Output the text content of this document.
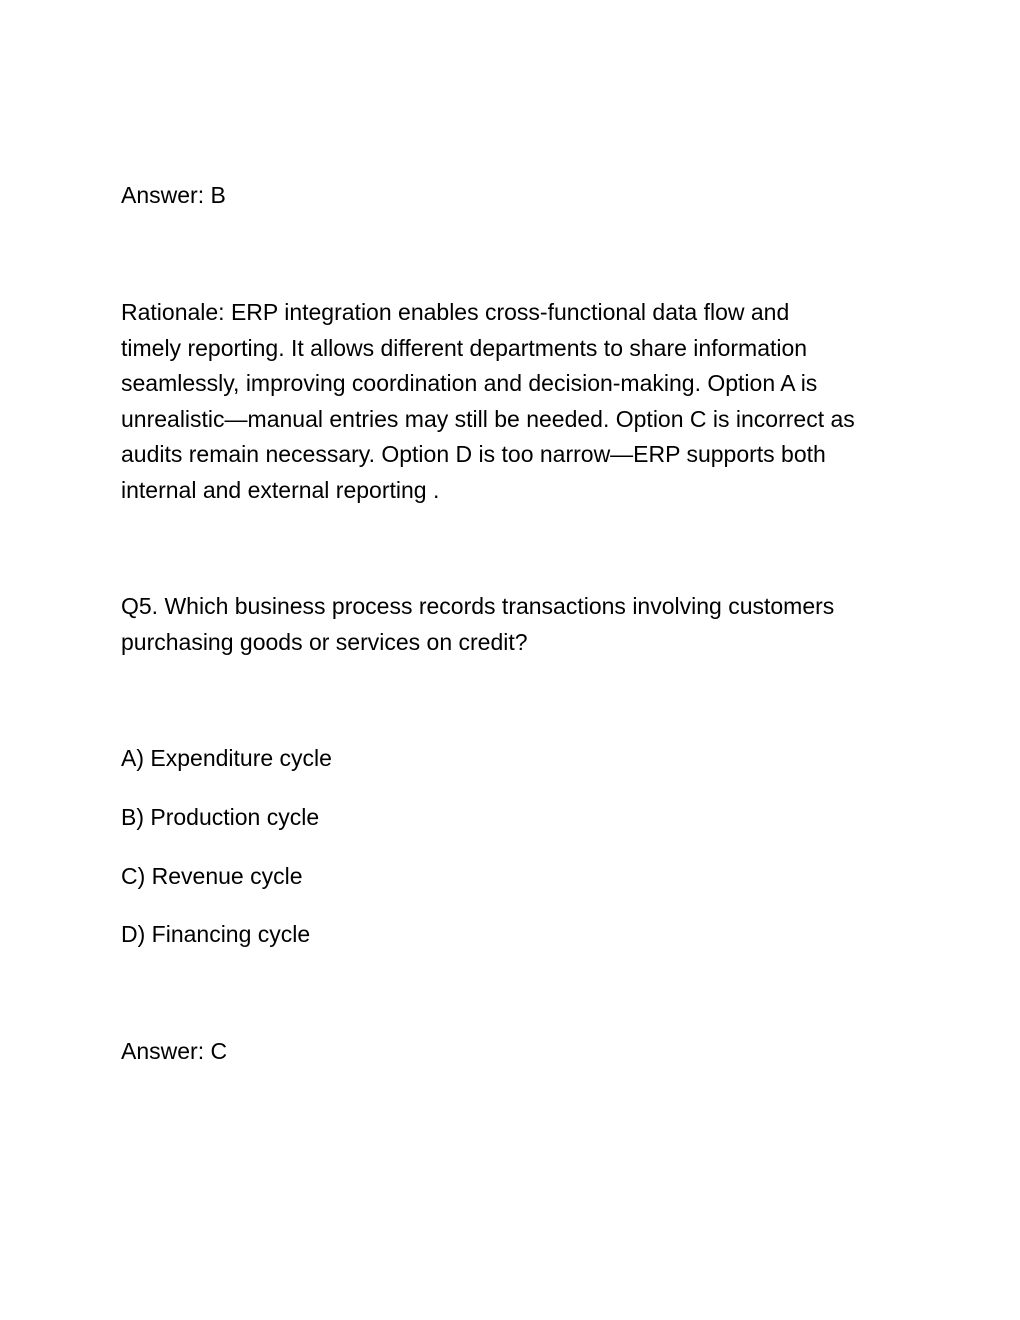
Answer: B

Rationale: ERP integration enables cross-functional data flow and
timely reporting. It allows different departments to share information
seamlessly, improving coordination and decision-making. Option A is
unrealistic—manual entries may still be needed. Option C is incorrect as
audits remain necessary. Option D is too narrow—ERP supports both
internal and external reporting .
Q5. Which business process records transactions involving customers
purchasing goods or services on credit?

A) Expenditure cycle

B) Production cycle

C) Revenue cycle

D) Financing cycle

Answer: C
